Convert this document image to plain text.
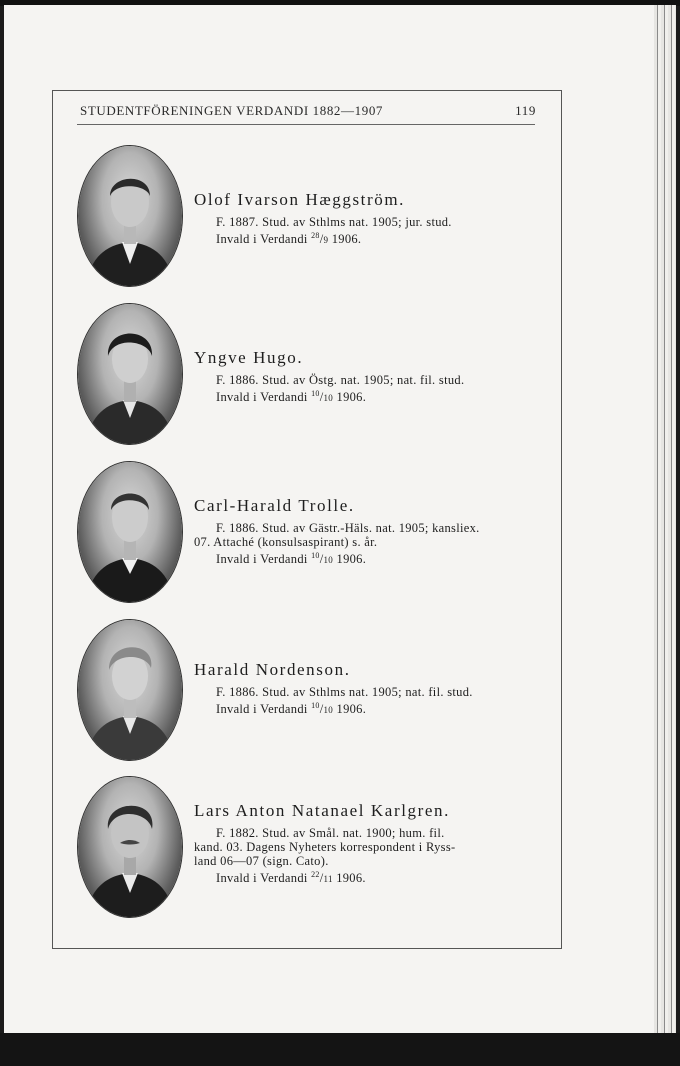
STUDENTFÖRENINGEN VERDANDI 1882—1907	119

Olof Ivarson Hæggström.

F. 1887. Stud. av Sthlms nat. 1905; jur. stud.

Invald i Verdandi $^{28}$/9 1906.

Yngve Hugo.

F. 1886. Stud. av Östg. nat. 1905; nat. fil. stud.

Invald i Verdandi $^{10}$/10 1906.

Carl-Harald Trolle.

F. 1886. Stud. av Gästr.-Häls. nat. 1905; kansliex.

07. Attaché (konsulsaspirant) s. år.

Invald i Verdandi $^{10}$/10 1906.

Harald Nordenson.

F. 1886. Stud. av Sthlms nat. 1905; nat. fil. stud.

Invald i Verdandi $^{10}$/10 1906.

Lars Anton Natanael Karlgren.

F. 1882. Stud. av Smål. nat. 1900; hum. fil.

kand. 03. Dagens Nyheters korrespondent i Ryss-

land 06—07 (sign. Cato).

Invald i Verdandi $^{22}$/11 1906.
